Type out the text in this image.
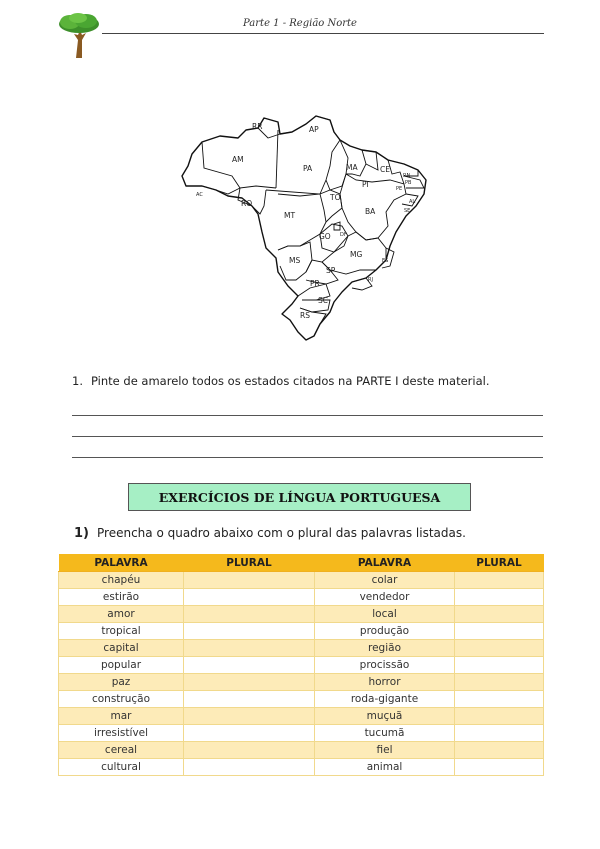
Parte 1 - Região Norte
RR	AP
AM
PA	MA	CE
RN
PB
PI	PE
AC
RO
TO	AL
SE
MT	BA
GO DF
MS
MG
ES
SP
RJ
PR
SC
RS
1. Pinte de amarelo todos os estados citados na PARTE I deste material.
EXERCÍCIOS DE LÍNGUA PORTUGUESA
1) Preencha o quadro abaixo com o plural das palavras listadas.
PALAVRA	PLURAL	PALAVRA	PLURAL
chapéu		colar	
estirão		vendedor	
amor		local	
tropical		produção	
capital		região	
popular		procissão	
paz		horror	
construção		roda-gigante	
mar		muçuã	
irresistível		tucumã	
cereal		fiel	
cultural		animal	
